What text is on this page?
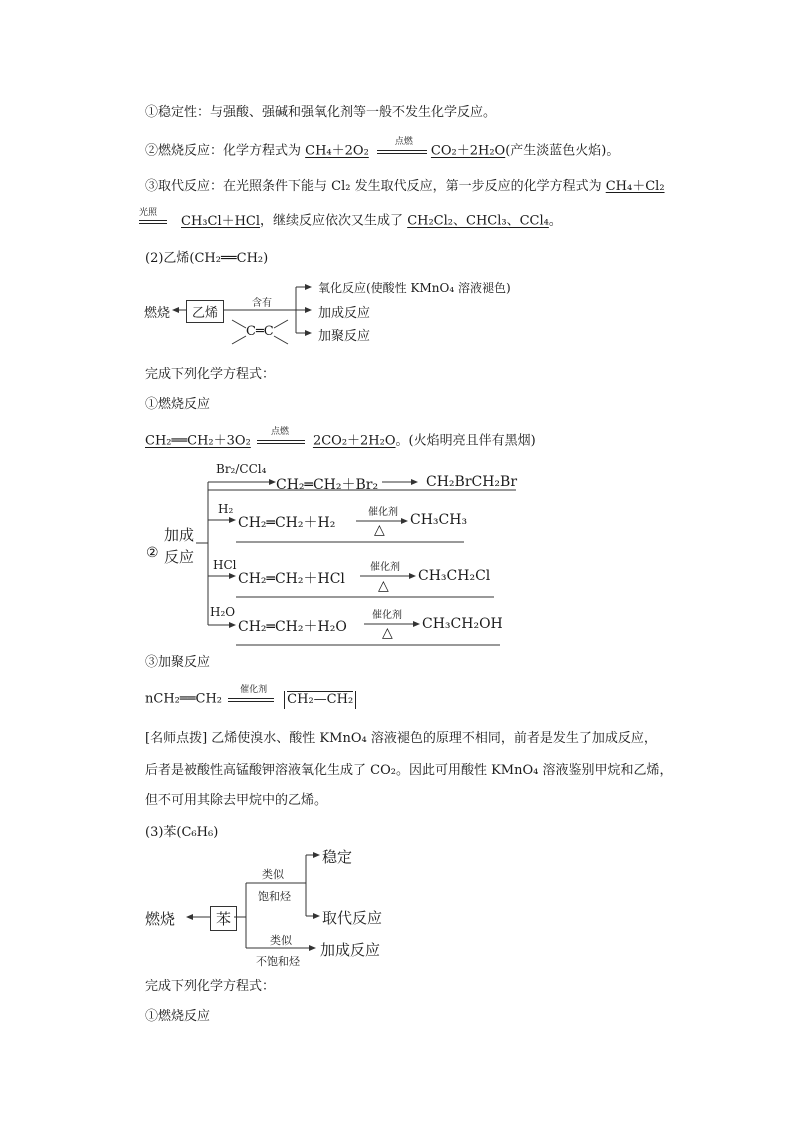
①稳定性：与强酸、强碱和强氧化剂等一般不发生化学反应。
②燃烧反应：化学方程式为 CH₄＋2O₂
点燃
CO₂＋2H₂O(产生淡蓝色火焰)。
③取代反应：在光照条件下能与 Cl₂ 发生取代反应，第一步反应的化学方程式为 CH₄＋Cl₂
光照
CH₃Cl＋HCl，继续反应依次又生成了 CH₂Cl₂、CHCl₃、CCl₄。
(2)乙烯(CH₂══CH₂)
燃烧	乙烯
含有
C═C
氧化反应(使酸性 KMnO₄ 溶液褪色)
加成反应
加聚反应
完成下列化学方程式：
①燃烧反应
CH₂══CH₂＋3O₂
点燃
2CO₂＋2H₂O。(火焰明亮且伴有黑烟)
②
加成
反应
Br₂/CCl₄
CH₂═CH₂＋Br₂	CH₂BrCH₂Br
H₂
CH₂═CH₂＋H₂
催化剂
△
CH₃CH₃
HCl
CH₂═CH₂＋HCl
催化剂
△
CH₃CH₂Cl
H₂O
CH₂═CH₂＋H₂O
催化剂
△
CH₃CH₂OH
③加聚反应
nCH₂══CH₂
催化剂
CH₂—CH₂
[名师点拨] 乙烯使溴水、酸性 KMnO₄ 溶液褪色的原理不相同，前者是发生了加成反应，
后者是被酸性高锰酸钾溶液氧化生成了 CO₂。因此可用酸性 KMnO₄ 溶液鉴别甲烷和乙烯，
但不可用其除去甲烷中的乙烯。
(3)苯(C₆H₆)
燃烧	苯
类似
饱和烃
稳定
取代反应
类似
不饱和烃
加成反应
完成下列化学方程式：
①燃烧反应
